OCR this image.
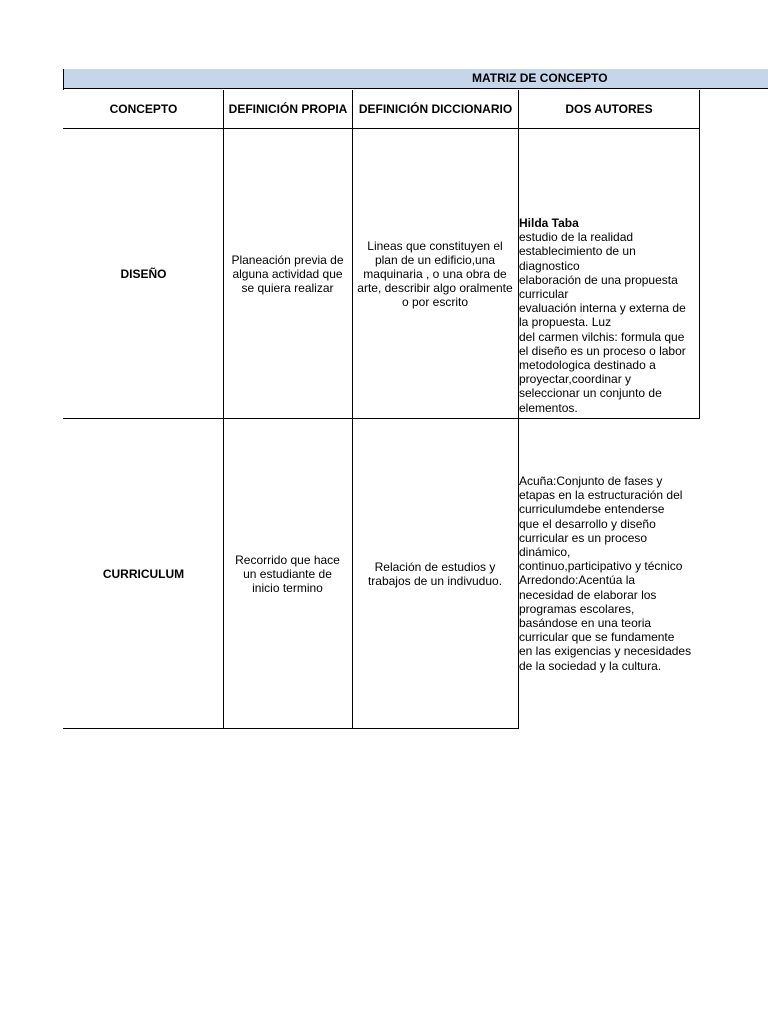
MATRIZ DE CONCEPTO
CONCEPTO	DEFINICIÓN PROPIA DEFINICIÓN DICCIONARIO	DOS AUTORES
DISEÑO
Planeación previa de alguna actividad que se quiera realizar
Lineas que constituyen el plan de un edificio,una maquinaria , o una obra de arte, describir algo oralmente o por escrito
Hilda Taba
estudio de la realidad
establecimiento de un
diagnostico
elaboración de una propuesta
curricular
evaluación interna y externa de
la propuesta. Luz
del carmen vilchis: formula que
el diseño es un proceso o labor
metodologica destinado a
proyectar,coordinar y
seleccionar un conjunto de
elementos.
CURRICULUM
Recorrido que hace un estudiante de inicio termino
Relación de estudios y trabajos de un indivuduo.
Acuña:Conjunto de fases y
etapas en la estructuración del
curriculumdebe entenderse
que el desarrollo y diseño
curricular es un proceso
dinámico,
continuo,participativo y técnico
Arredondo:Acentúa la
necesidad de elaborar los
programas escolares,
basándose en una teoria
curricular que se fundamente
en las exigencias y necesidades
de la sociedad y la cultura.
